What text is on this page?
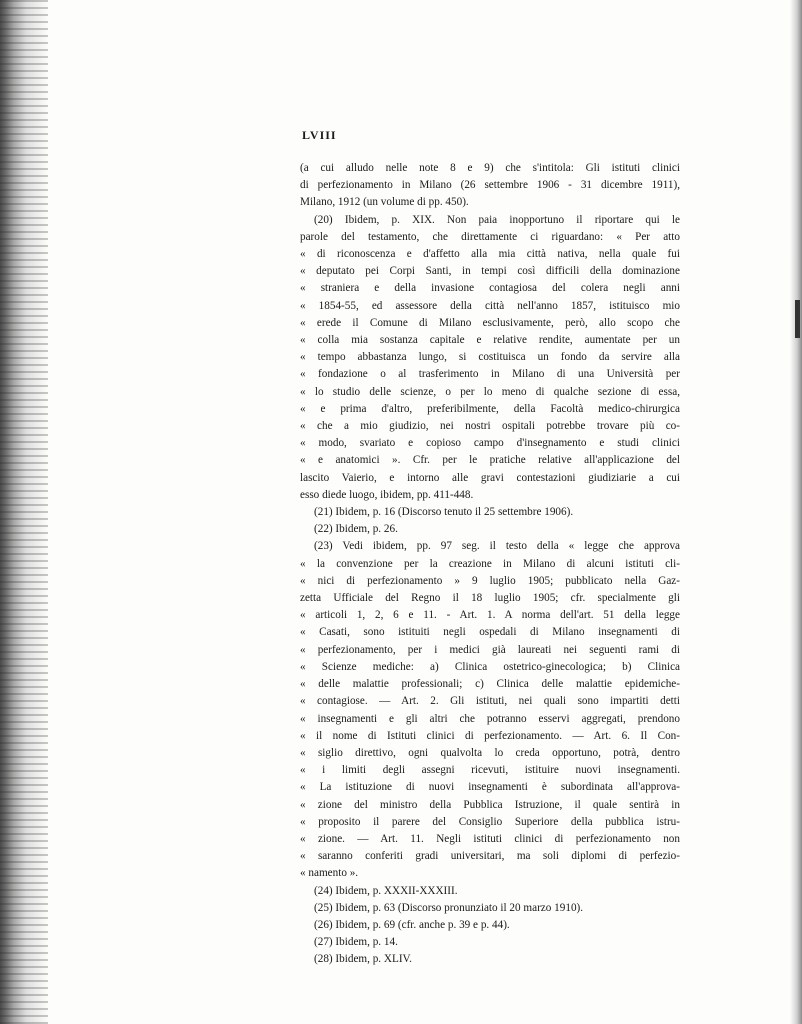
LVIII
(a cui alludo nelle note 8 e 9) che s'intitola: Gli istituti clinici
di perfezionamento in Milano (26 settembre 1906 - 31 dicembre 1911),
Milano, 1912 (un volume di pp. 450).
(20) Ibidem, p. XIX. Non paia inopportuno il riportare qui le
parole del testamento, che direttamente ci riguardano: « Per atto
« di riconoscenza e d'affetto alla mia città nativa, nella quale fui
« deputato pei Corpi Santi, in tempi così difficili della dominazione
« straniera e della invasione contagiosa del colera negli anni
« 1854-55, ed assessore della città nell'anno 1857, istituisco mio
« erede il Comune di Milano esclusivamente, però, allo scopo che
« colla mia sostanza capitale e relative rendite, aumentate per un
« tempo abbastanza lungo, si costituisca un fondo da servire alla
« fondazione o al trasferimento in Milano di una Università per
« lo studio delle scienze, o per lo meno di qualche sezione di essa,
« e prima d'altro, preferibilmente, della Facoltà medico-chirurgica
« che a mio giudizio, nei nostri ospitali potrebbe trovare più co-
« modo, svariato e copioso campo d'insegnamento e studi clinici
« e anatomici ». Cfr. per le pratiche relative all'applicazione del
lascito Vaierio, e intorno alle gravi contestazioni giudiziarie a cui
esso diede luogo, ibidem, pp. 411-448.
(21) Ibidem, p. 16 (Discorso tenuto il 25 settembre 1906).
(22) Ibidem, p. 26.
(23) Vedi ibidem, pp. 97 seg. il testo della « legge che approva
« la convenzione per la creazione in Milano di alcuni istituti cli-
« nici di perfezionamento » 9 luglio 1905; pubblicato nella Gaz-
zetta Ufficiale del Regno il 18 luglio 1905; cfr. specialmente gli
« articoli 1, 2, 6 e 11. - Art. 1. A norma dell'art. 51 della legge
« Casati, sono istituiti negli ospedali di Milano insegnamenti di
« perfezionamento, per i medici già laureati nei seguenti rami di
« Scienze mediche: a) Clinica ostetrico-ginecologica; b) Clinica
« delle malattie professionali; c) Clinica delle malattie epidemiche-
« contagiose. — Art. 2. Gli istituti, nei quali sono impartiti detti
« insegnamenti e gli altri che potranno esservi aggregati, prendono
« il nome di Istituti clinici di perfezionamento. — Art. 6. Il Con-
« siglio direttivo, ogni qualvolta lo creda opportuno, potrà, dentro
« i limiti degli assegni ricevuti, istituire nuovi insegnamenti.
« La istituzione di nuovi insegnamenti è subordinata all'approva-
« zione del ministro della Pubblica Istruzione, il quale sentirà in
« proposito il parere del Consiglio Superiore della pubblica istru-
« zione. — Art. 11. Negli istituti clinici di perfezionamento non
« saranno conferiti gradi universitari, ma soli diplomi di perfezio-
« namento ».
(24) Ibidem, p. XXXII-XXXIII.
(25) Ibidem, p. 63 (Discorso pronunziato il 20 marzo 1910).
(26) Ibidem, p. 69 (cfr. anche p. 39 e p. 44).
(27) Ibidem, p. 14.
(28) Ibidem, p. XLIV.
